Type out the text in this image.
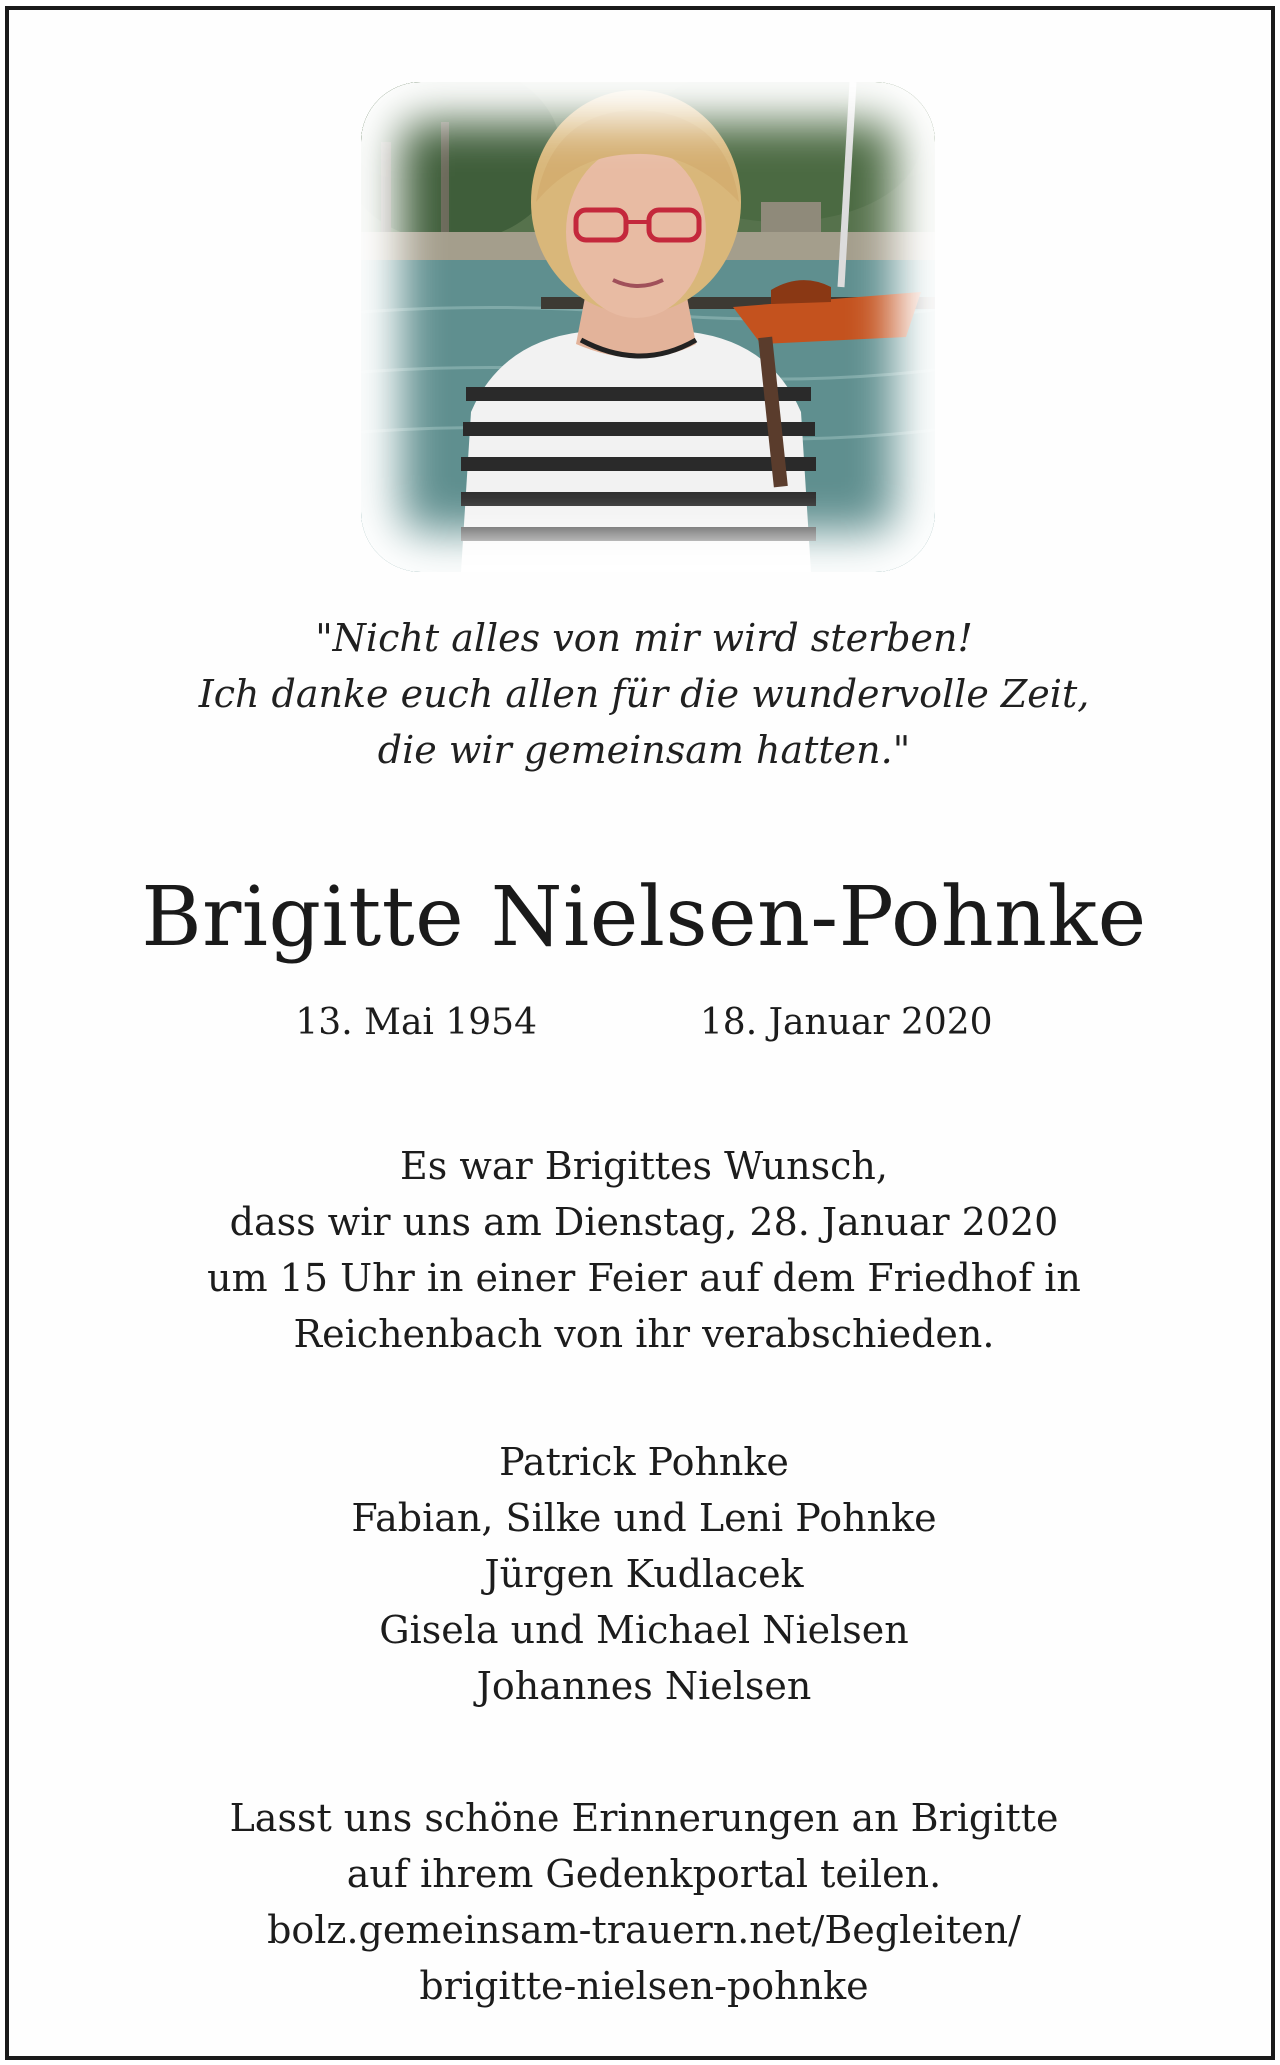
"Nicht alles von mir wird sterben!
Ich danke euch allen für die wundervolle Zeit,
die wir gemeinsam hatten."
Brigitte Nielsen-Pohnke
13. Mai 1954	18. Januar 2020
Es war Brigittes Wunsch,
dass wir uns am Dienstag, 28. Januar 2020
um 15 Uhr in einer Feier auf dem Friedhof in
Reichenbach von ihr verabschieden.
Patrick Pohnke
Fabian, Silke und Leni Pohnke
Jürgen Kudlacek
Gisela und Michael Nielsen
Johannes Nielsen
Lasst uns schöne Erinnerungen an Brigitte
auf ihrem Gedenkportal teilen.
bolz.gemeinsam-trauern.net/Begleiten/
brigitte-nielsen-pohnke
